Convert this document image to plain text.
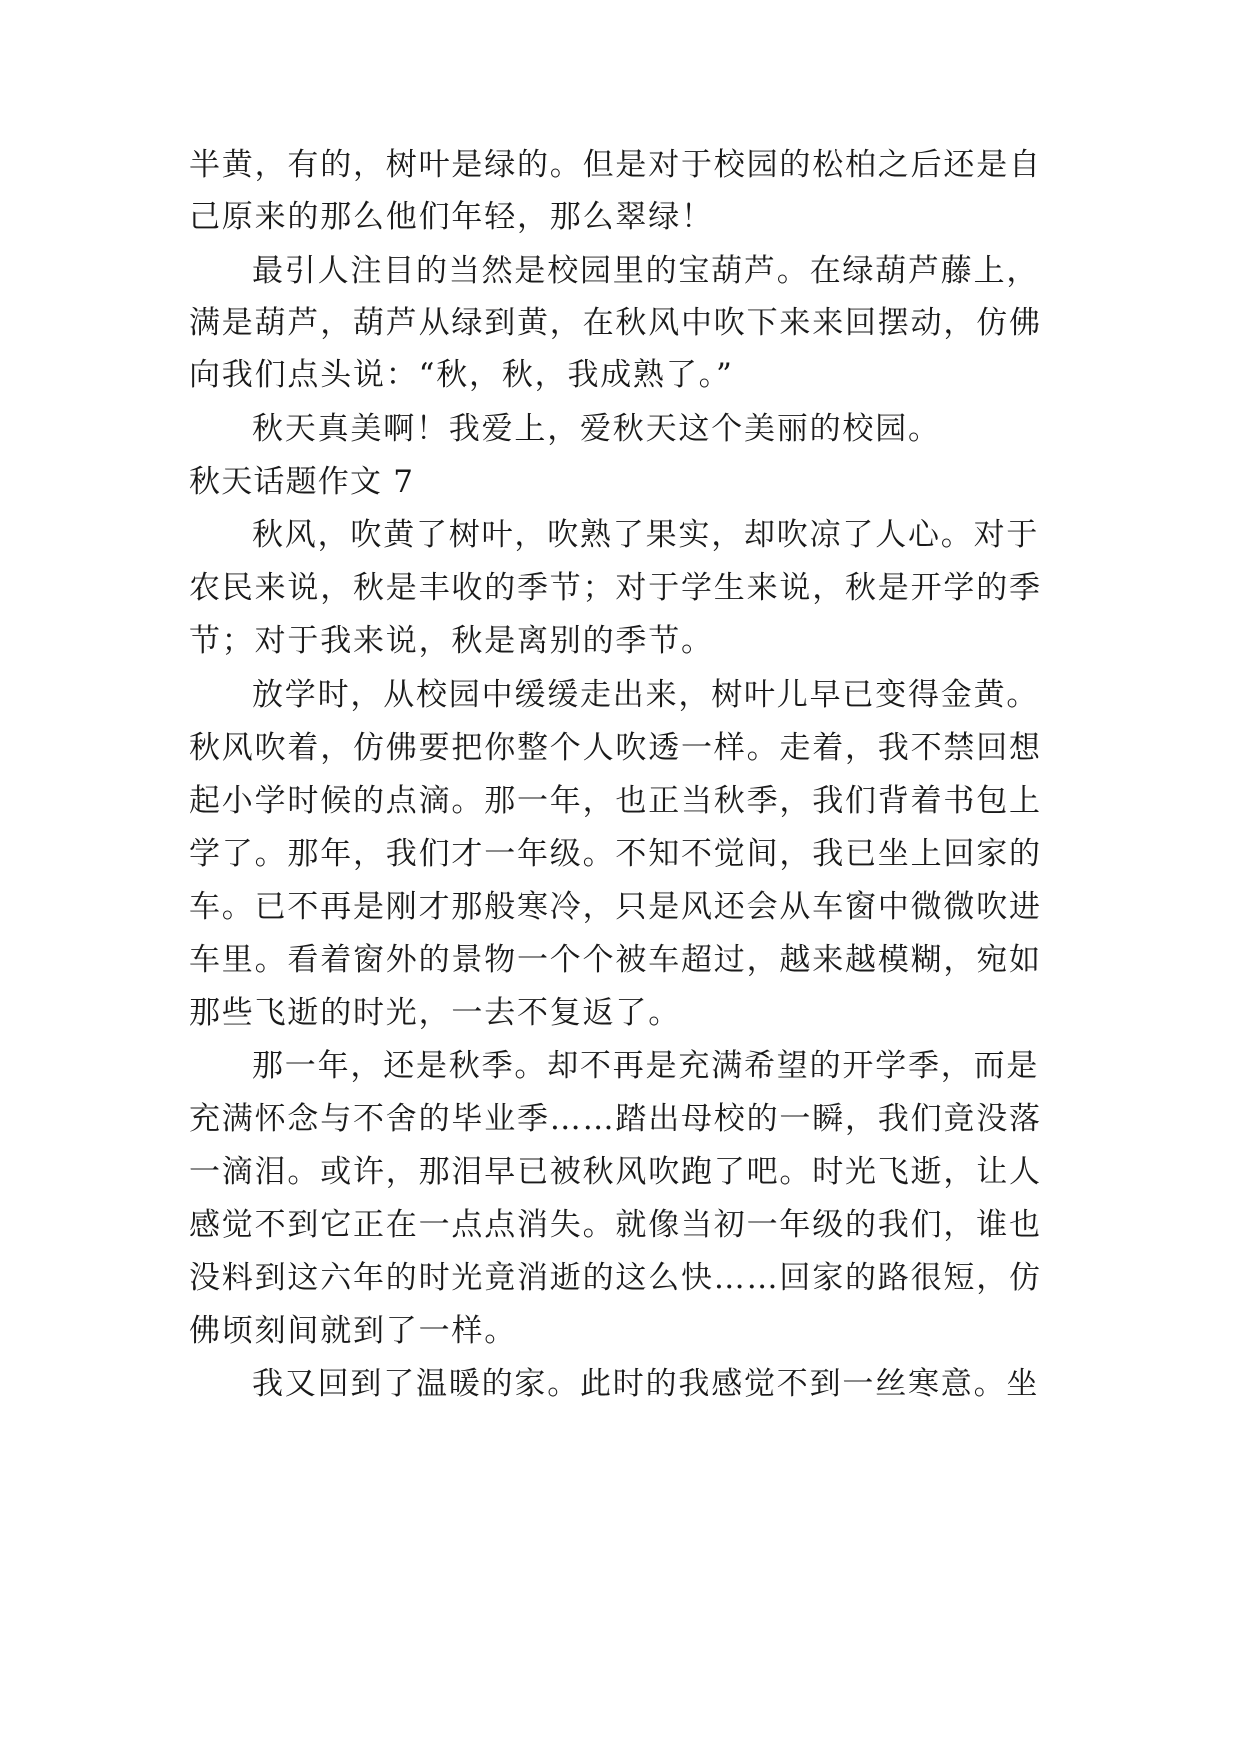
半黄，有的，树叶是绿的。但是对于校园的松柏之后还是自

己原来的那么他们年轻，那么翠绿！

最引人注目的当然是校园里的宝葫芦。在绿葫芦藤上，

满是葫芦，葫芦从绿到黄，在秋风中吹下来来回摆动，仿佛

向我们点头说：“秋，秋，我成熟了。”

秋天真美啊！我爱上，爱秋天这个美丽的校园。

秋天话题作文 7

秋风，吹黄了树叶，吹熟了果实，却吹凉了人心。对于

农民来说，秋是丰收的季节；对于学生来说，秋是开学的季

节；对于我来说，秋是离别的季节。

放学时，从校园中缓缓走出来，树叶儿早已变得金黄。

秋风吹着，仿佛要把你整个人吹透一样。走着，我不禁回想

起小学时候的点滴。那一年，也正当秋季，我们背着书包上

学了。那年，我们才一年级。不知不觉间，我已坐上回家的

车。已不再是刚才那般寒冷，只是风还会从车窗中微微吹进

车里。看着窗外的景物一个个被车超过，越来越模糊，宛如

那些飞逝的时光，一去不复返了。

那一年，还是秋季。却不再是充满希望的开学季，而是

充满怀念与不舍的毕业季……踏出母校的一瞬，我们竟没落

一滴泪。或许，那泪早已被秋风吹跑了吧。时光飞逝，让人

感觉不到它正在一点点消失。就像当初一年级的我们，谁也

没料到这六年的时光竟消逝的这么快……回家的路很短，仿

佛顷刻间就到了一样。

我又回到了温暖的家。此时的我感觉不到一丝寒意。坐
